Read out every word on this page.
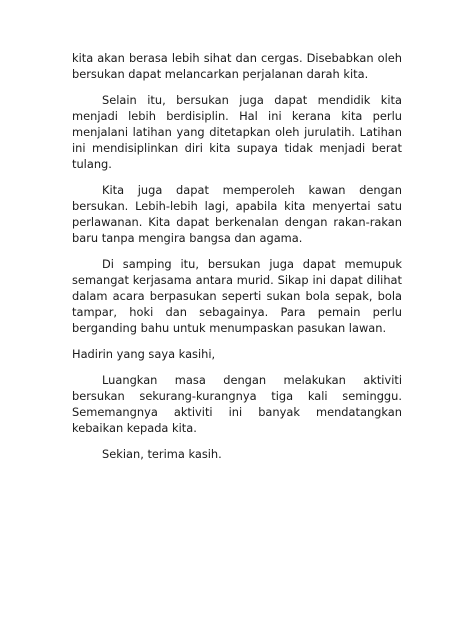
kita akan berasa lebih sihat dan cergas. Disebabkan oleh bersukan dapat melancarkan perjalanan darah kita.

Selain itu, bersukan juga dapat mendidik kita menjadi lebih berdisiplin. Hal ini kerana kita perlu menjalani latihan yang ditetapkan oleh jurulatih. Latihan ini mendisiplinkan diri kita supaya tidak menjadi berat tulang.

Kita juga dapat memperoleh kawan dengan bersukan. Lebih-lebih lagi, apabila kita menyertai satu perlawanan. Kita dapat berkenalan dengan rakan-rakan baru tanpa mengira bangsa dan agama.

Di samping itu, bersukan juga dapat memupuk semangat kerjasama antara murid. Sikap ini dapat dilihat dalam acara berpasukan seperti sukan bola sepak, bola tampar, hoki dan sebagainya. Para pemain perlu berganding bahu untuk menumpaskan pasukan lawan.

Hadirin yang saya kasihi,

Luangkan masa dengan melakukan aktiviti bersukan sekurang-kurangnya tiga kali seminggu. Sememangnya aktiviti ini banyak mendatangkan kebaikan kepada kita.

Sekian, terima kasih.
